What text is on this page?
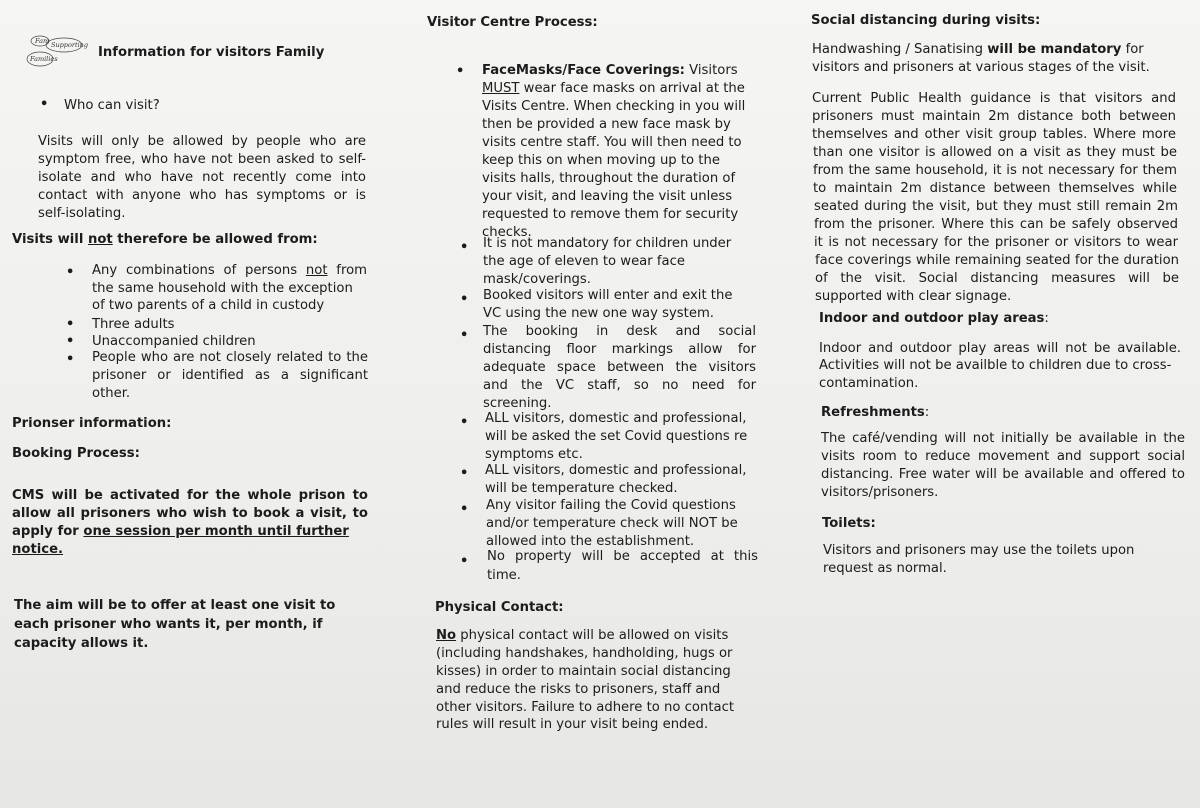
Fam Supporting
Families	Information for visitors Family
• Who can visit?
Visits will only be allowed by people who are
symptom free, who have not been asked to self-
isolate and who have not recently come into
contact with anyone who has symptoms or is
self-isolating.
Visits will not therefore be allowed from:
• Any combinations of persons not from
the same household with the exception
of two parents of a child in custody
• Three adults
• Unaccompanied children
• People who are not closely related to the
prisoner or identified as a significant
other.
Prionser information:
Booking Process:
CMS will be activated for the whole prison to
allow all prisoners who wish to book a visit, to
apply for one session per month until further
notice.
The aim will be to offer at least one visit to
each prisoner who wants it, per month, if
capacity allows it.
Visitor Centre Process:
• FaceMasks/Face Coverings: Visitors
MUST wear face masks on arrival at the
Visits Centre. When checking in you will
then be provided a new face mask by
visits centre staff. You will then need to
keep this on when moving up to the
visits halls, throughout the duration of
your visit, and leaving the visit unless
requested to remove them for security
checks.
• It is not mandatory for children under
the age of eleven to wear face
mask/coverings.
• Booked visitors will enter and exit the
VC using the new one way system.
• The booking in desk and social
distancing floor markings allow for
adequate space between the visitors
and the VC staff, so no need for
screening.
• ALL visitors, domestic and professional,
will be asked the set Covid questions re
symptoms etc.
• ALL visitors, domestic and professional,
will be temperature checked.
• Any visitor failing the Covid questions
and/or temperature check will NOT be
allowed into the establishment.
• No property will be accepted at this
time.
Physical Contact:
No physical contact will be allowed on visits
(including handshakes, handholding, hugs or
kisses) in order to maintain social distancing
and reduce the risks to prisoners, staff and
other visitors. Failure to adhere to no contact
rules will result in your visit being ended.
Social distancing during visits:
Handwashing / Sanatising will be mandatory for
visitors and prisoners at various stages of the visit.
Current Public Health guidance is that visitors and
prisoners must maintain 2m distance both between
themselves and other visit group tables. Where more
than one visitor is allowed on a visit as they must be
from the same household, it is not necessary for them
to maintain 2m distance between themselves while
seated during the visit, but they must still remain 2m
from the prisoner. Where this can be safely observed
it is not necessary for the prisoner or visitors to wear
face coverings while remaining seated for the duration
of the visit. Social distancing measures will be
supported with clear signage.
Indoor and outdoor play areas:
Indoor and outdoor play areas will not be available.
Activities will not be availble to children due to cross-
contamination.
Refreshments:
The café/vending will not initially be available in the
visits room to reduce movement and support social
distancing. Free water will be available and offered to
visitors/prisoners.
Toilets:
Visitors and prisoners may use the toilets upon
request as normal.
